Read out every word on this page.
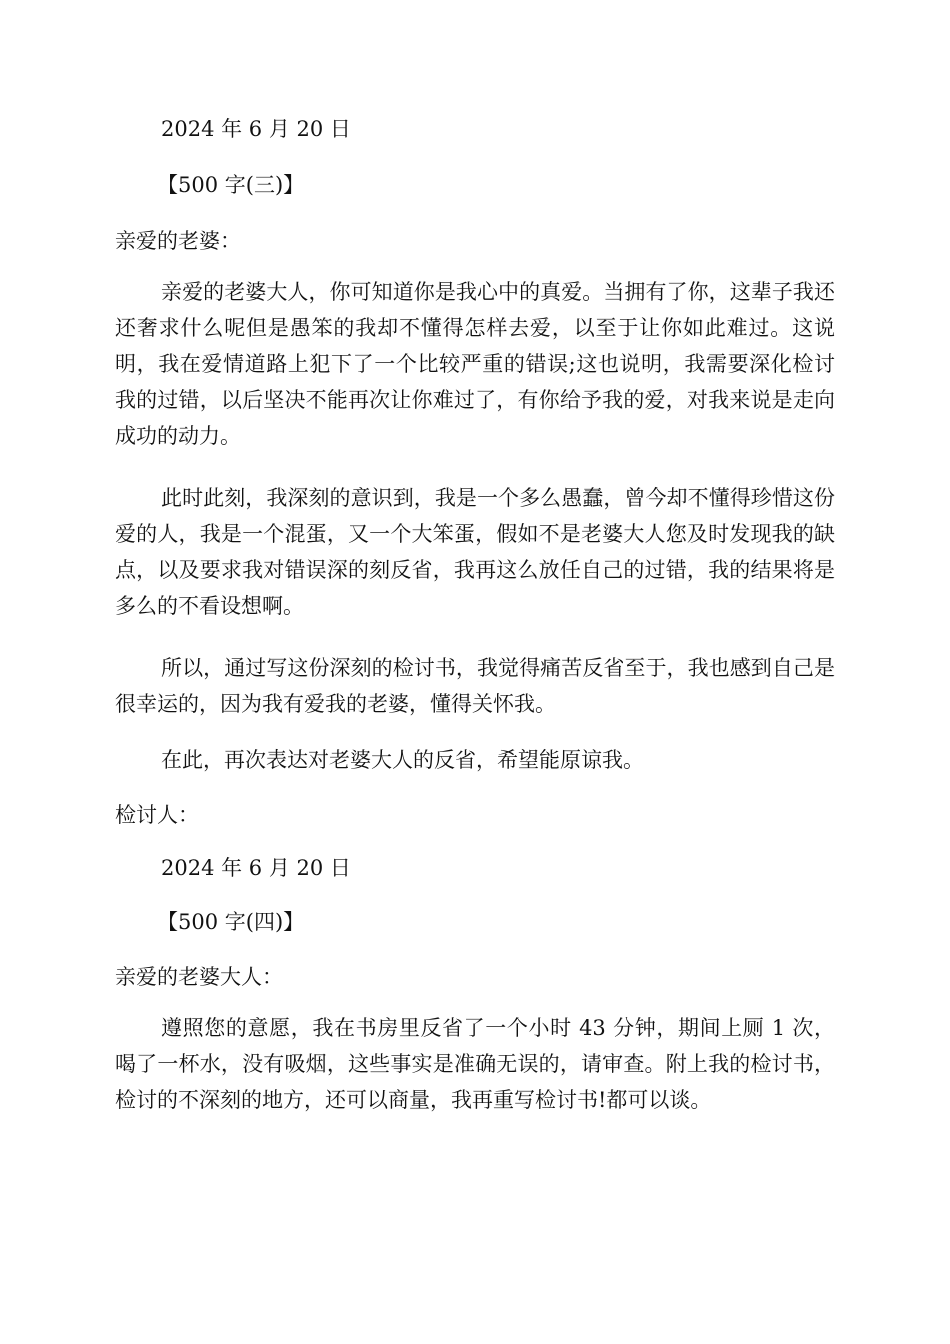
2024 年 6 月 20 日

【500 字(三)】

亲爱的老婆：

亲爱的老婆大人，你可知道你是我心中的真爱。当拥有了你，这辈子我还还奢求什么呢但是愚笨的我却不懂得怎样去爱，以至于让你如此难过。这说明，我在爱情道路上犯下了一个比较严重的错误;这也说明，我需要深化检讨我的过错，以后坚决不能再次让你难过了，有你给予我的爱，对我来说是走向成功的动力。

此时此刻，我深刻的意识到，我是一个多么愚蠢，曾今却不懂得珍惜这份爱的人，我是一个混蛋，又一个大笨蛋，假如不是老婆大人您及时发现我的缺点，以及要求我对错误深的刻反省，我再这么放任自己的过错，我的结果将是多么的不看设想啊。

所以，通过写这份深刻的检讨书，我觉得痛苦反省至于，我也感到自己是很幸运的，因为我有爱我的老婆，懂得关怀我。

在此，再次表达对老婆大人的反省，希望能原谅我。

检讨人：

2024 年 6 月 20 日

【500 字(四)】

亲爱的老婆大人：

遵照您的意愿，我在书房里反省了一个小时 43 分钟，期间上厕 1 次，喝了一杯水，没有吸烟，这些事实是准确无误的，请审查。附上我的检讨书，检讨的不深刻的地方，还可以商量，我再重写检讨书!都可以谈。
